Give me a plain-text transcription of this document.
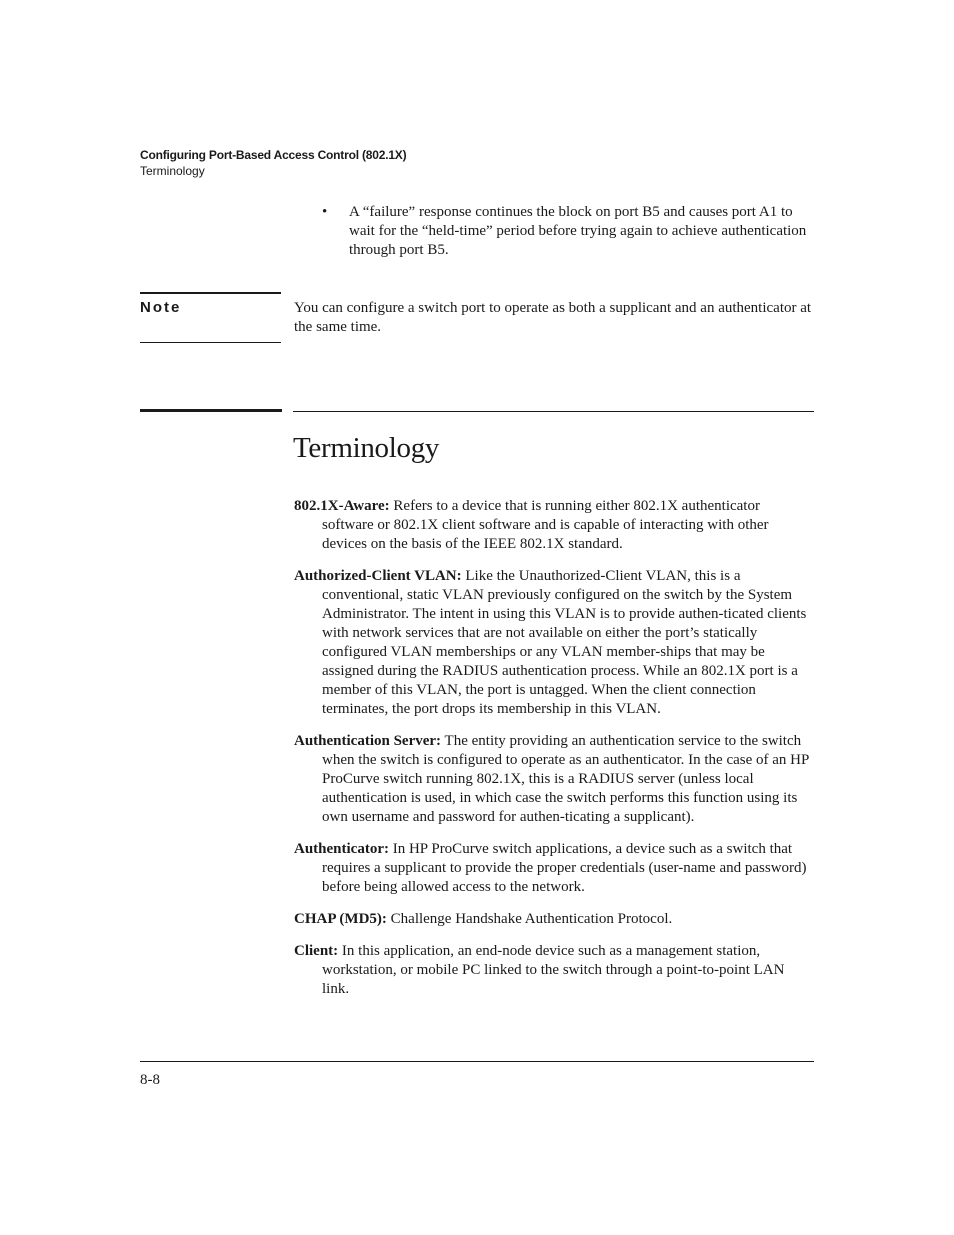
Configuring Port-Based Access Control (802.1X)
Terminology
• A “failure” response continues the block on port B5 and causes port A1 to wait for the “held-time” period before trying again to achieve authentication through port B5.
Note	You can configure a switch port to operate as both a supplicant and an authenticator at the same time.
Terminology

802.1X-Aware: Refers to a device that is running either 802.1X authenticator software or 802.1X client software and is capable of interacting with other devices on the basis of the IEEE 802.1X standard.

Authorized-Client VLAN: Like the Unauthorized-Client VLAN, this is a conventional, static VLAN previously configured on the switch by the System Administrator. The intent in using this VLAN is to provide authen-ticated clients with network services that are not available on either the port’s statically configured VLAN memberships or any VLAN member-ships that may be assigned during the RADIUS authentication process. While an 802.1X port is a member of this VLAN, the port is untagged. When the client connection terminates, the port drops its membership in this VLAN.

Authentication Server: The entity providing an authentication service to the switch when the switch is configured to operate as an authenticator. In the case of an HP ProCurve switch running 802.1X, this is a RADIUS server (unless local authentication is used, in which case the switch performs this function using its own username and password for authen-ticating a supplicant).

Authenticator: In HP ProCurve switch applications, a device such as a switch that requires a supplicant to provide the proper credentials (user-name and password) before being allowed access to the network.

CHAP (MD5): Challenge Handshake Authentication Protocol.

Client: In this application, an end-node device such as a management station, workstation, or mobile PC linked to the switch through a point-to-point LAN link.

8-8
